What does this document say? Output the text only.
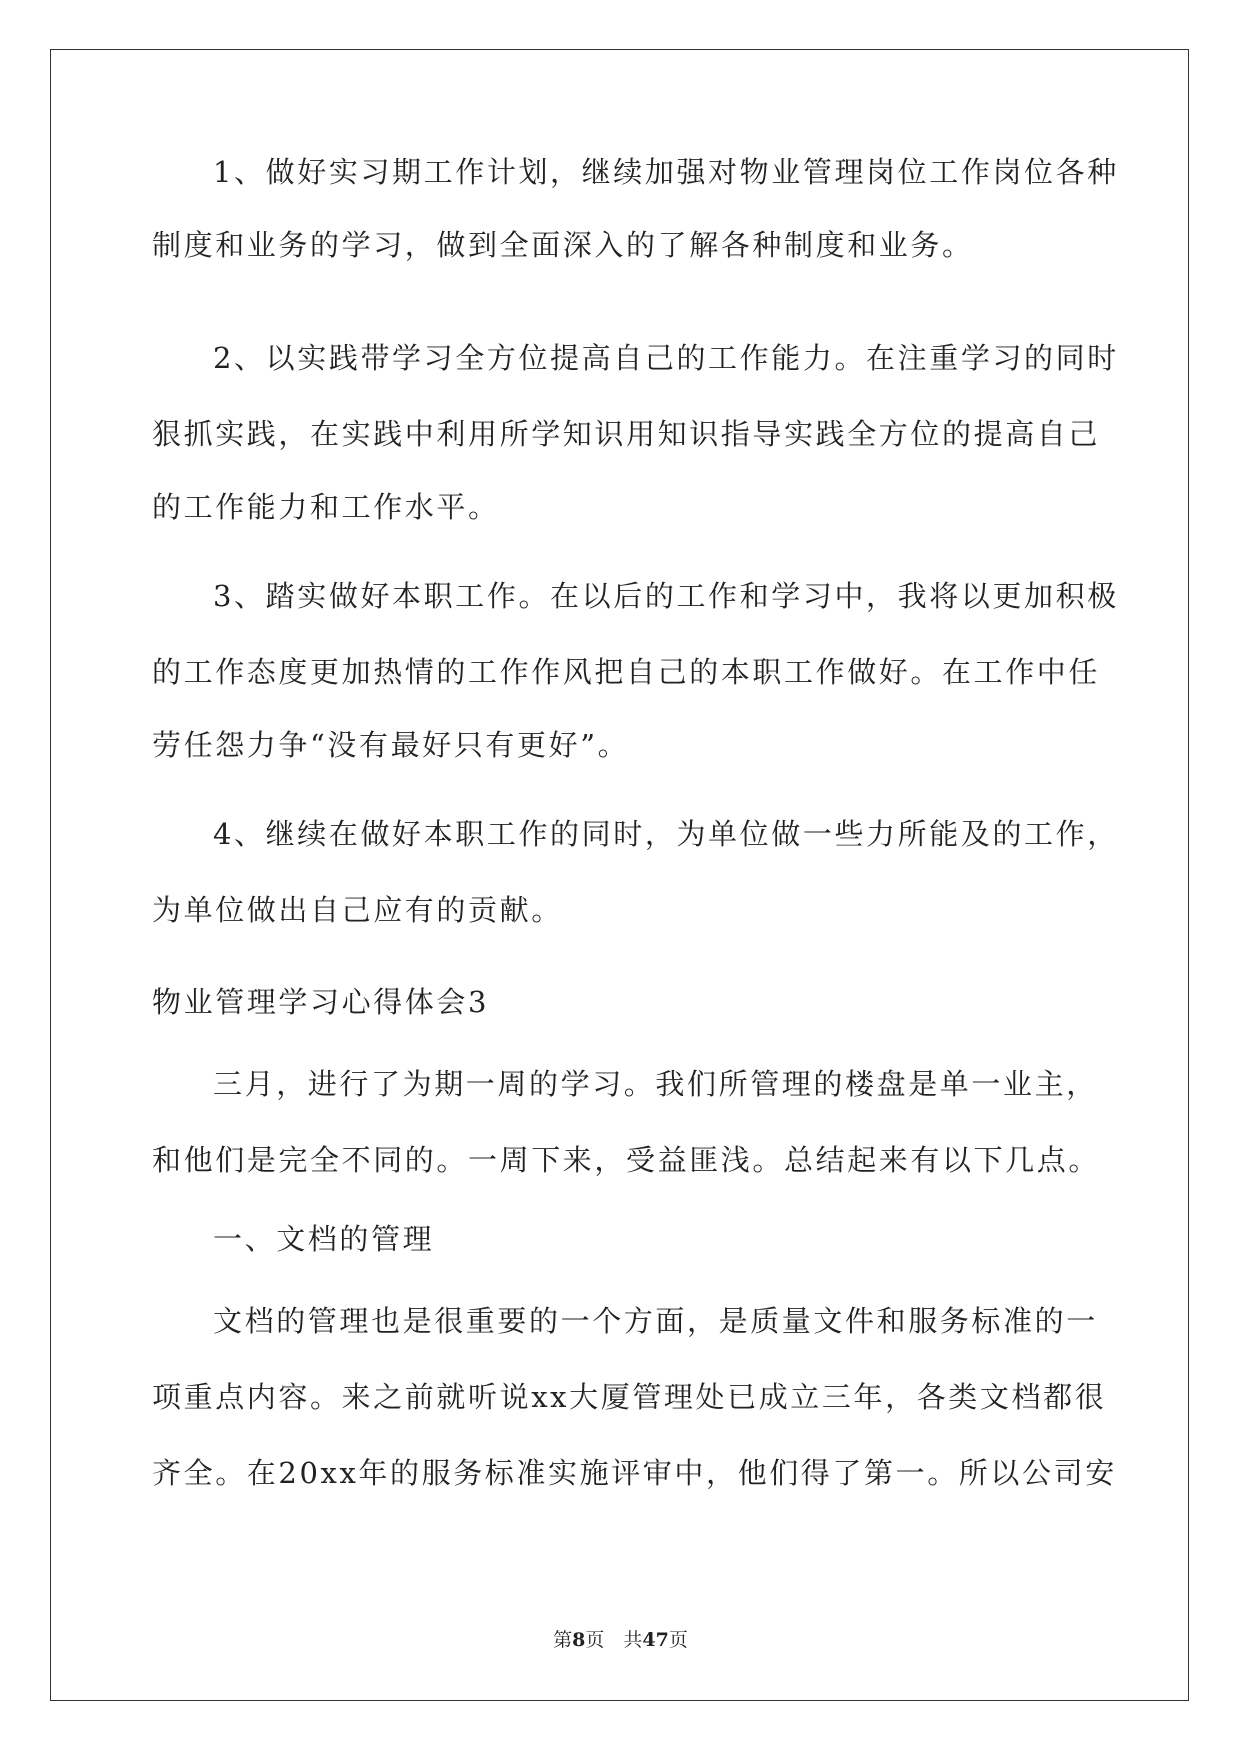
1、做好实习期工作计划，继续加强对物业管理岗位工作岗位各种
制度和业务的学习，做到全面深入的了解各种制度和业务。
2、以实践带学习全方位提高自己的工作能力。在注重学习的同时
狠抓实践，在实践中利用所学知识用知识指导实践全方位的提高自己
的工作能力和工作水平。
3、踏实做好本职工作。在以后的工作和学习中，我将以更加积极
的工作态度更加热情的工作作风把自己的本职工作做好。在工作中任
劳任怨力争“没有最好只有更好”。
4、继续在做好本职工作的同时，为单位做一些力所能及的工作，
为单位做出自己应有的贡献。
物业管理学习心得体会3
三月，进行了为期一周的学习。我们所管理的楼盘是单一业主，
和他们是完全不同的。一周下来，受益匪浅。总结起来有以下几点。
一、文档的管理
文档的管理也是很重要的一个方面，是质量文件和服务标准的一
项重点内容。来之前就听说xx大厦管理处已成立三年，各类文档都很
齐全。在20xx年的服务标准实施评审中，他们得了第一。所以公司安
第8页　共47页
